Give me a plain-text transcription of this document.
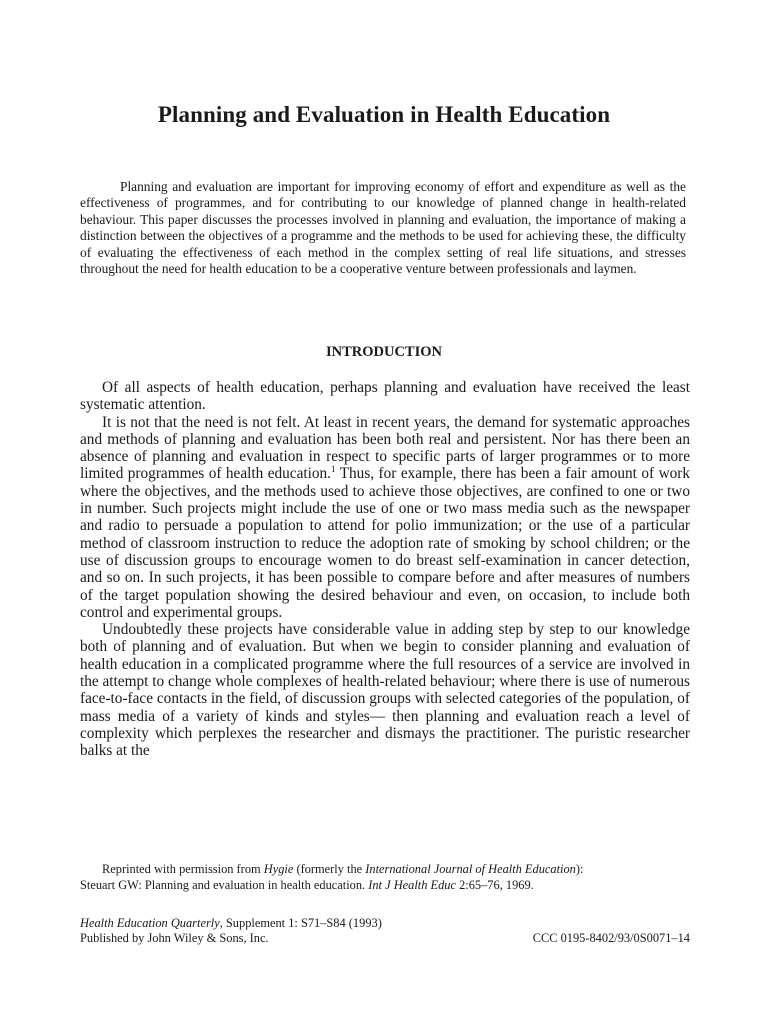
Planning and Evaluation in Health Education

Planning and evaluation are important for improving economy of effort and expenditure as well as the effectiveness of programmes, and for contributing to our knowledge of planned change in health-related behaviour. This paper discusses the processes involved in planning and evaluation, the importance of making a distinction between the objectives of a programme and the methods to be used for achieving these, the difficulty of evaluating the effectiveness of each method in the complex setting of real life situations, and stresses throughout the need for health education to be a cooperative venture between professionals and laymen.

INTRODUCTION

Of all aspects of health education, perhaps planning and evaluation have received the least systematic attention.

It is not that the need is not felt. At least in recent years, the demand for systematic approaches and methods of planning and evaluation has been both real and persistent. Nor has there been an absence of planning and evaluation in respect to specific parts of larger programmes or to more limited programmes of health education.$^1$ Thus, for example, there has been a fair amount of work where the objectives, and the methods used to achieve those objectives, are confined to one or two in number. Such projects might include the use of one or two mass media such as the newspaper and radio to persuade a population to attend for polio immunization; or the use of a particular method of classroom instruction to reduce the adoption rate of smoking by school children; or the use of discussion groups to encourage women to do breast self-examination in cancer detection, and so on. In such projects, it has been possible to compare before and after measures of numbers of the target population showing the desired behaviour and even, on occasion, to include both control and experimental groups.

Undoubtedly these projects have considerable value in adding step by step to our knowledge both of planning and of evaluation. But when we begin to consider planning and evaluation of health education in a complicated programme where the full resources of a service are involved in the attempt to change whole complexes of health-related behaviour; where there is use of numerous face-to-face contacts in the field, of discussion groups with selected categories of the population, of mass media of a variety of kinds and styles— then planning and evaluation reach a level of complexity which perplexes the researcher and dismays the practitioner. The puristic researcher balks at the

Reprinted with permission from Hygie (formerly the International Journal of Health Education):
Steuart GW: Planning and evaluation in health education. Int J Health Educ 2:65–76, 1969.
Health Education Quarterly, Supplement 1: S71–S84 (1993)
Published by John Wiley & Sons, Inc.	CCC 0195-8402/93/0S0071–14
